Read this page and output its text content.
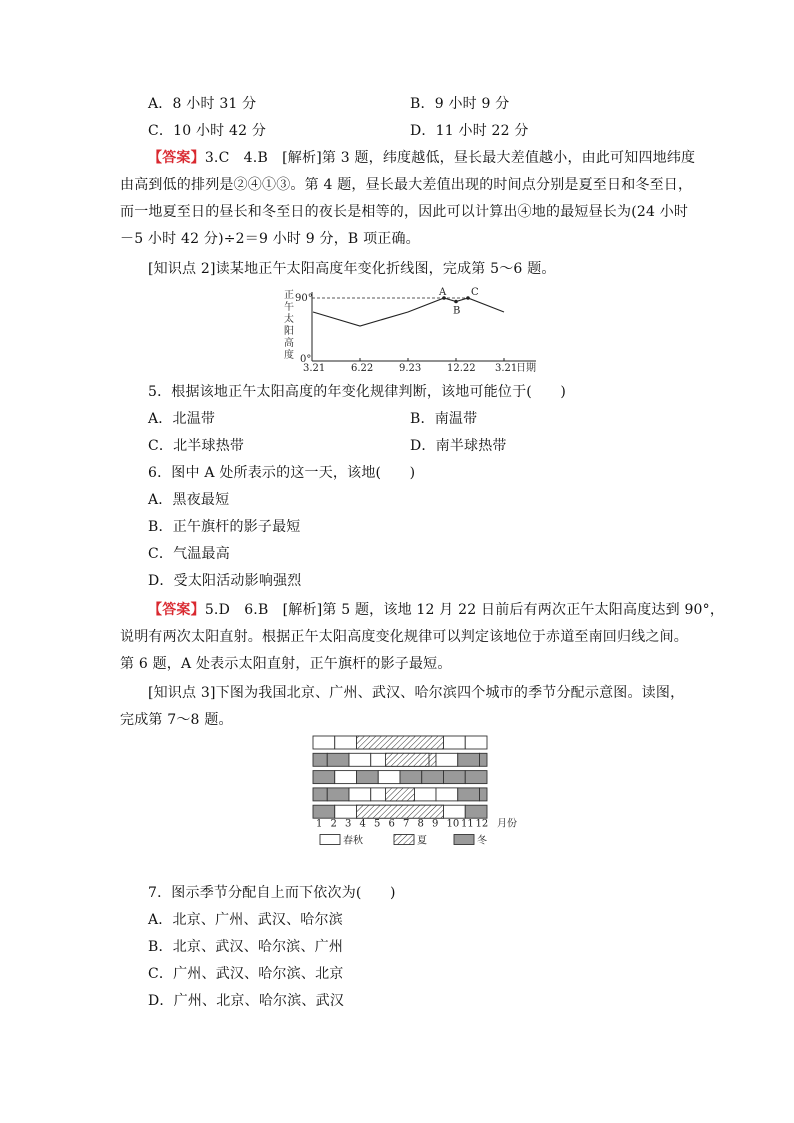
A．8 小时 31 分	B．9 小时 9 分
C．10 小时 42 分	D．11 小时 22 分
【答案】3.C　4.B　[解析]第 3 题，纬度越低，昼长最大差值越小，由此可知四地纬度
由高到低的排列是②④①③。第 4 题，昼长最大差值出现的时间点分别是夏至日和冬至日，
而一地夏至日的昼长和冬至日的夜长是相等的，因此可以计算出④地的最短昼长为(24 小时
－5 小时 42 分)÷2＝9 小时 9 分，B 项正确。
[知识点 2]读某地正午太阳高度年变化折线图，完成第 5～6 题。
正
午
太
阳
高
度
90°
0°
3.21	6.22	9.23	12.22 3.21
日期
A
B
C
5．根据该地正午太阳高度的年变化规律判断，该地可能位于(　　)
A．北温带	B．南温带
C．北半球热带	D．南半球热带
6．图中 A 处所表示的这一天，该地(　　)
A．黑夜最短
B．正午旗杆的影子最短
C．气温最高
D．受太阳活动影响强烈
【答案】5.D　6.B　[解析]第 5 题，该地 12 月 22 日前后有两次正午太阳高度达到 90°，
说明有两次太阳直射。根据正午太阳高度变化规律可以判定该地位于赤道至南回归线之间。
第 6 题，A 处表示太阳直射，正午旗杆的影子最短。
[知识点 3]下图为我国北京、广州、武汉、哈尔滨四个城市的季节分配示意图。读图，
完成第 7～8 题。
1 2 3 4 5 6 7 8 9 10 11 12 月份
春秋	夏	冬
7．图示季节分配自上而下依次为(　　)
A．北京、广州、武汉、哈尔滨
B．北京、武汉、哈尔滨、广州
C．广州、武汉、哈尔滨、北京
D．广州、北京、哈尔滨、武汉
